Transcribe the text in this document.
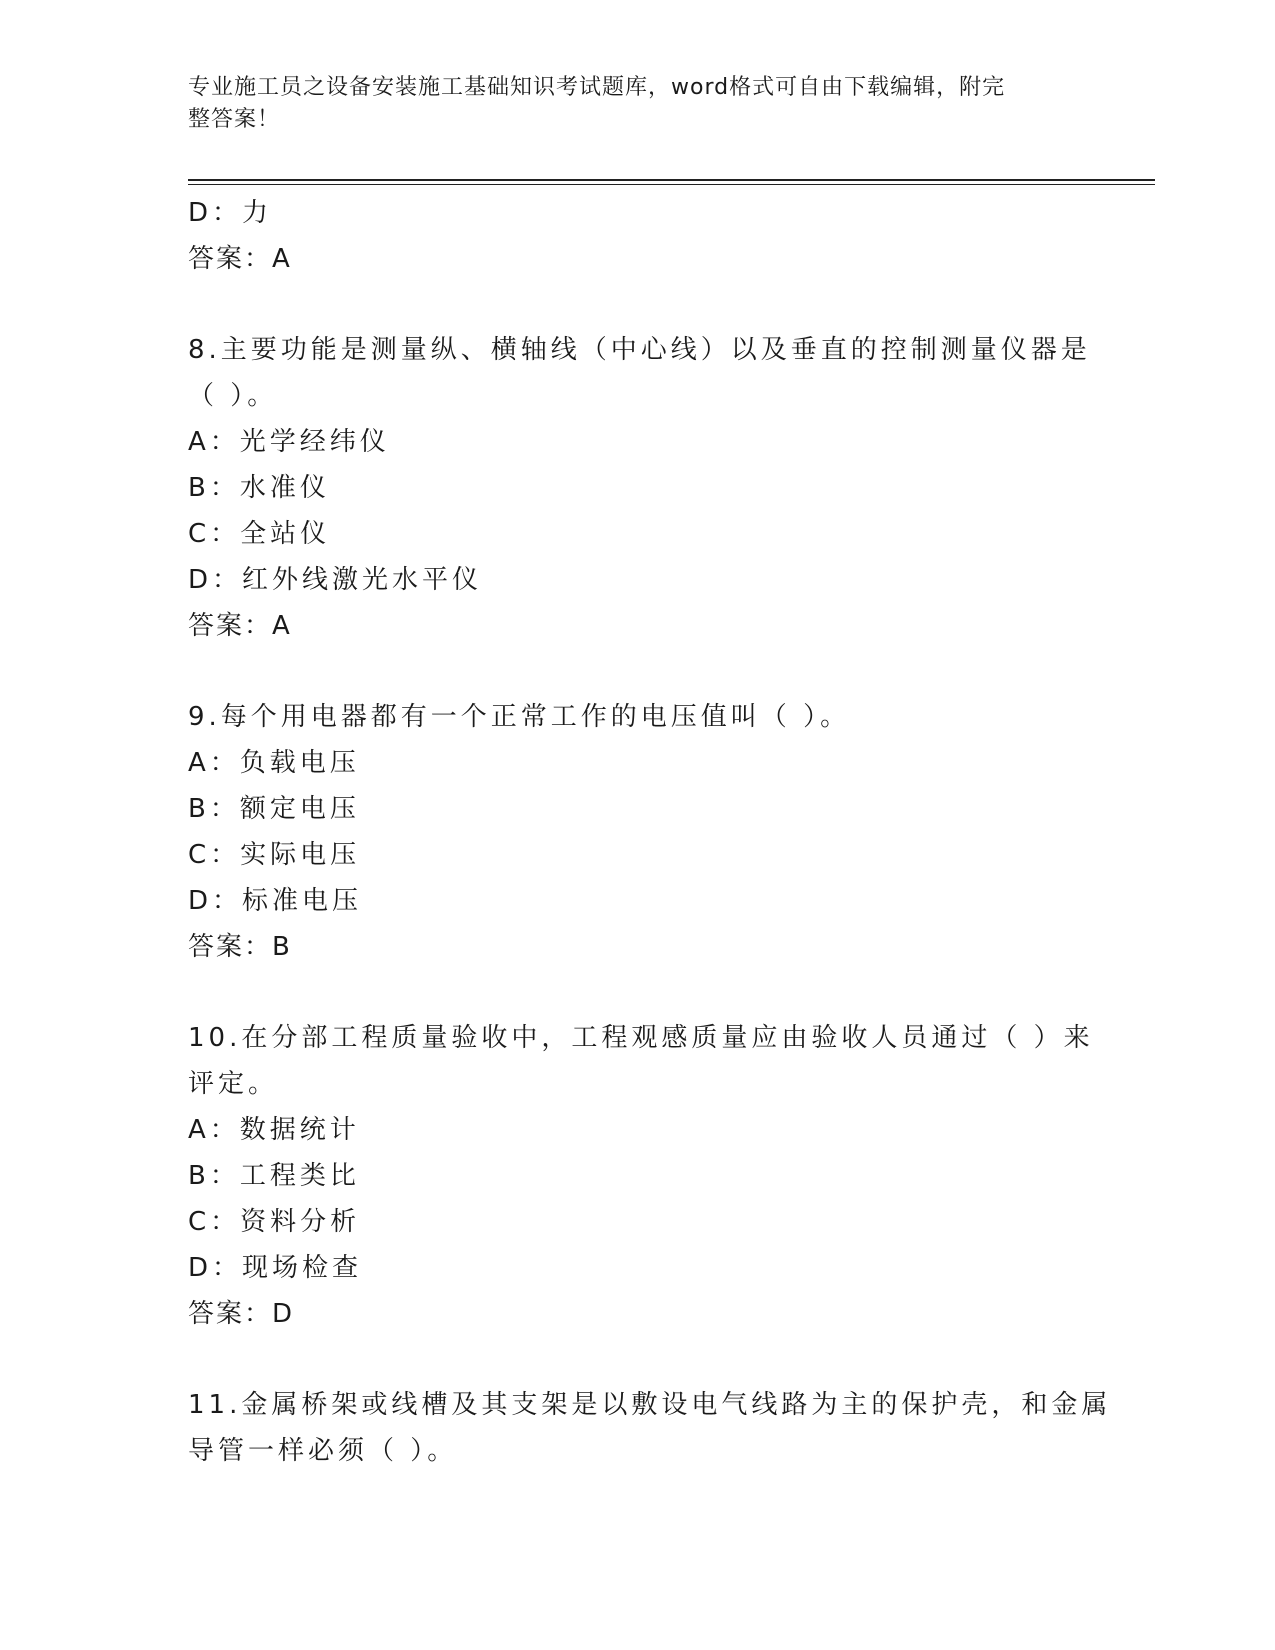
专业施工员之设备安装施工基础知识考试题库，word格式可自由下载编辑，附完
整答案！
D：力
答案：A
8.主要功能是测量纵、横轴线（中心线）以及垂直的控制测量仪器是
（ ）。
A：光学经纬仪
B：水准仪
C：全站仪
D：红外线激光水平仪
答案：A
9.每个用电器都有一个正常工作的电压值叫（ ）。
A：负载电压
B：额定电压
C：实际电压
D：标准电压
答案：B
10.在分部工程质量验收中，工程观感质量应由验收人员通过（ ）来
评定。
A：数据统计
B：工程类比
C：资料分析
D：现场检查
答案：D
11.金属桥架或线槽及其支架是以敷设电气线路为主的保护壳，和金属
导管一样必须（ ）。
